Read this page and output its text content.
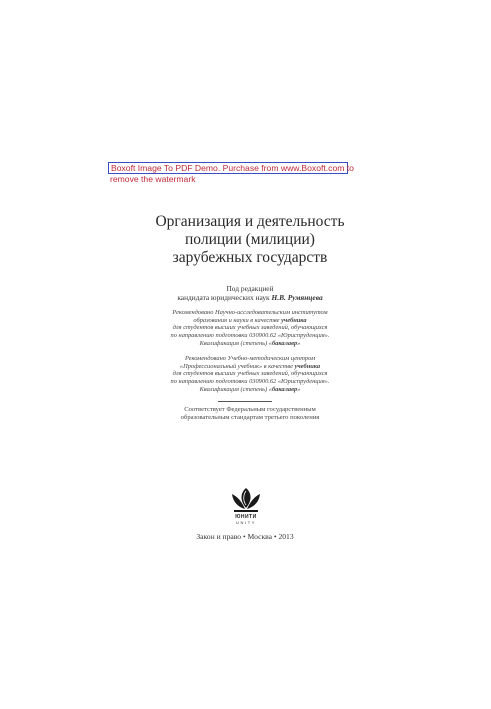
Boxoft Image To PDF Demo. Purchase from www.Boxoft.com to
remove the watermark
Организация и деятельность
полиции (милиции)
зарубежных государств
Под редакцией
кандидата юридических наук Н.В. Румянцева
Рекомендовано Научно-исследовательским институтом
образования и науки в качестве учебника
для студентов высших учебных заведений, обучающихся
по направлению подготовки 030900.62 «Юриспруденция».
Квалификация (степень) «бакалавр»
Рекомендовано Учебно-методическим центром
«Профессиональный учебник» в качестве учебника
для студентов высших учебных заведений, обучающихся
по направлению подготовки 030900.62 «Юриспруденция».
Квалификация (степень) «бакалавр»
Соответствует Федеральным государственным
образовательным стандартам третьего поколения
ЮНИТИ
UNITY
Закон и право • Москва • 2013
